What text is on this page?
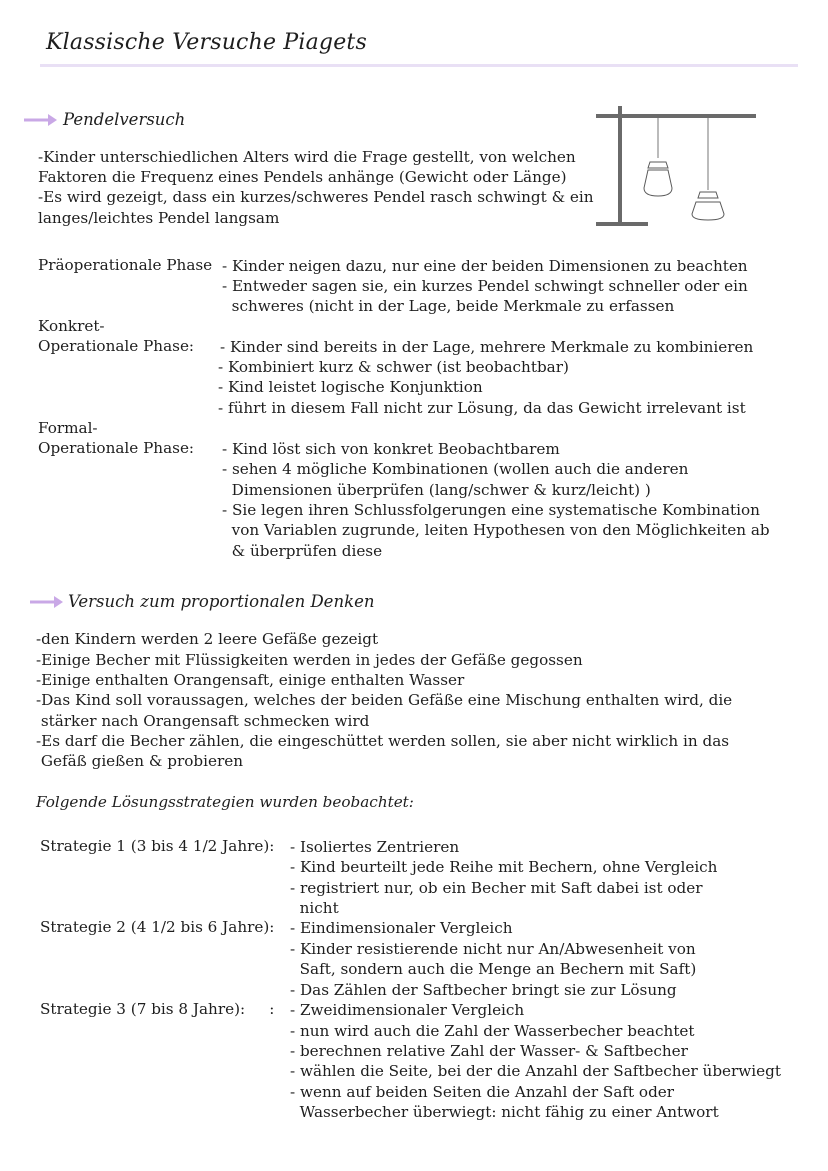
Klassische Versuche Piagets
Pendelversuch
-Kinder unterschiedlichen Alters wird die Frage gestellt, von welchen
Faktoren die Frequenz eines Pendels anhänge (Gewicht oder Länge)
-Es wird gezeigt, dass ein kurzes/schweres Pendel rasch schwingt & ein
langes/leichtes Pendel langsam
Präoperationale Phase - Kinder neigen dazu, nur eine der beiden Dimensionen zu beachten
- Entweder sagen sie, ein kurzes Pendel schwingt schneller oder ein
schweres (nicht in der Lage, beide Merkmale zu erfassen
Konkret-
Operationale Phase: - Kinder sind bereits in der Lage, mehrere Merkmale zu kombinieren
- Kombiniert kurz & schwer (ist beobachtbar)
- Kind leistet logische Konjunktion
- führt in diesem Fall nicht zur Lösung, da das Gewicht irrelevant ist
Formal-
Operationale Phase: - Kind löst sich von konkret Beobachtbarem
- sehen 4 mögliche Kombinationen (wollen auch die anderen
Dimensionen überprüfen (lang/schwer & kurz/leicht) )
- Sie legen ihren Schlussfolgerungen eine systematische Kombination
von Variablen zugrunde, leiten Hypothesen von den Möglichkeiten ab
& überprüfen diese
Versuch zum proportionalen Denken
-den Kindern werden 2 leere Gefäße gezeigt
-Einige Becher mit Flüssigkeiten werden in jedes der Gefäße gegossen
-Einige enthalten Orangensaft, einige enthalten Wasser
-Das Kind soll voraussagen, welches der beiden Gefäße eine Mischung enthalten wird, die
stärker nach Orangensaft schmecken wird
-Es darf die Becher zählen, die eingeschüttet werden sollen, sie aber nicht wirklich in das
Gefäß gießen & probieren
Folgende Lösungsstrategien wurden beobachtet:
Strategie 1 (3 bis 4 1/2 Jahre): - Isoliertes Zentrieren
- Kind beurteilt jede Reihe mit Bechern, ohne Vergleich
- registriert nur, ob ein Becher mit Saft dabei ist oder
nicht
Strategie 2 (4 1/2 bis 6 Jahre): - Eindimensionaler Vergleich
- Kinder resistierende nicht nur An/Abwesenheit von
Saft, sondern auch die Menge an Bechern mit Saft)
- Das Zählen der Saftbecher bringt sie zur Lösung
Strategie 3 (7 bis 8 Jahre):     : - Zweidimensionaler Vergleich
- nun wird auch die Zahl der Wasserbecher beachtet
- berechnen relative Zahl der Wasser- & Saftbecher
- wählen die Seite, bei der die Anzahl der Saftbecher überwiegt
- wenn auf beiden Seiten die Anzahl der Saft oder
Wasserbecher überwiegt: nicht fähig zu einer Antwort
